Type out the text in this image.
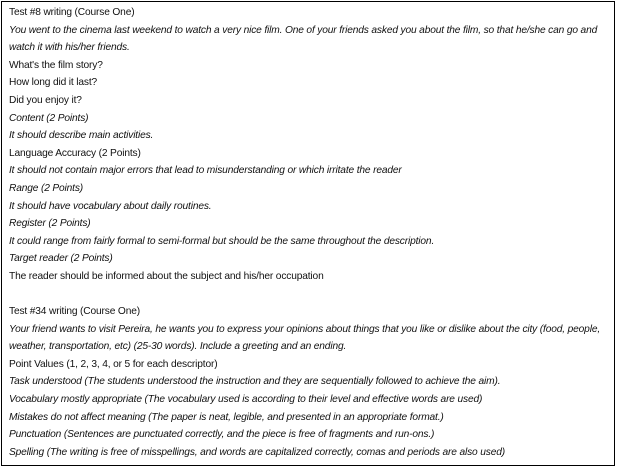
Test #8 writing (Course One)
You went to the cinema last weekend to watch a very nice film. One of your friends asked you about the film, so that he/she can go and watch it with his/her friends.
What's the film story?
How long did it last?
Did you enjoy it?
Content (2 Points)
It should describe main activities.
Language Accuracy (2 Points)
It should not contain major errors that lead to misunderstanding or which irritate the reader
Range (2 Points)
It should have vocabulary about daily routines.
Register (2 Points)
It could range from fairly formal to semi-formal but should be the same throughout the description.
Target reader (2 Points)
The reader should be informed about the subject and his/her occupation
Test #34 writing (Course One)
Your friend wants to visit Pereira, he wants you to express your opinions about things that you like or dislike about the city (food, people, weather, transportation, etc) (25-30 words). Include a greeting and an ending.
Point Values (1, 2, 3, 4, or 5 for each descriptor)
Task understood (The students understood the instruction and they are sequentially followed to achieve the aim).
Vocabulary mostly appropriate (The vocabulary used is according to their level and effective words are used)
Mistakes do not affect meaning (The paper is neat, legible, and presented in an appropriate format.)
Punctuation (Sentences are punctuated correctly, and the piece is free of fragments and run-ons.)
Spelling (The writing is free of misspellings, and words are capitalized correctly, comas and periods are also used)
